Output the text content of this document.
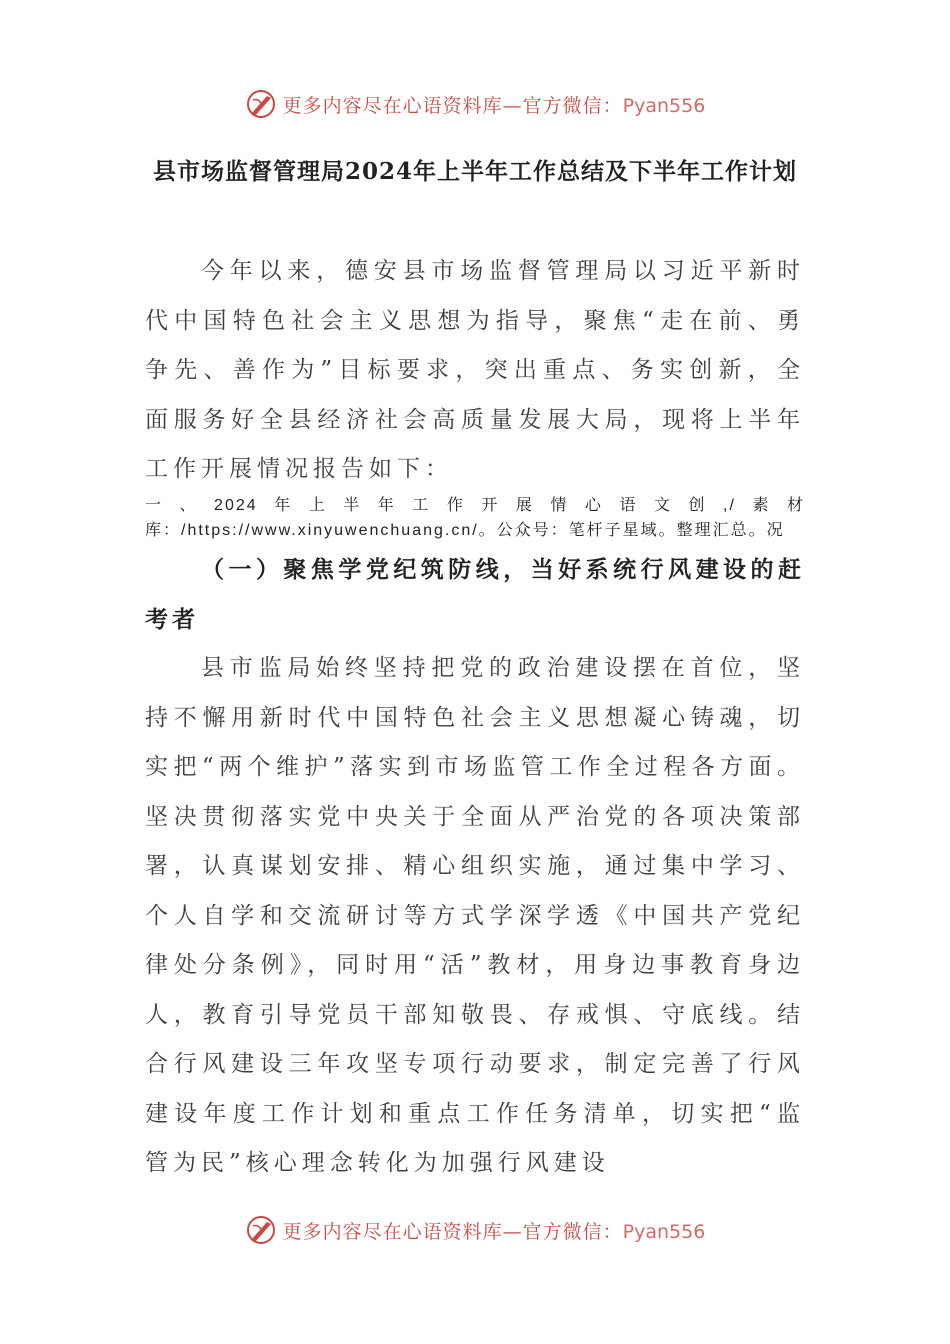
更多内容尽在心语资料库—官方微信：Pyan556
县市场监督管理局2024年上半年工作总结及下半年工作计划

今年以来，德安县市场监督管理局以习近平新时代中国特色社会主义思想为指导，聚焦“走在前、勇争先、善作为”目标要求，突出重点、务实创新，全面服务好全县经济社会高质量发展大局，现将上半年工作开展情况报告如下：

一、2024年上半年工作开展情心语文创,/素材库：/https://www.xinyuwenchuang.cn/。公众号：笔杆子星域。整理汇总。况

（一）聚焦学党纪筑防线，当好系统行风建设的赶考者

县市监局始终坚持把党的政治建设摆在首位，坚持不懈用新时代中国特色社会主义思想凝心铸魂，切实把“两个维护”落实到市场监管工作全过程各方面。坚决贯彻落实党中央关于全面从严治党的各项决策部署，认真谋划安排、精心组织实施，通过集中学习、个人自学和交流研讨等方式学深学透《中国共产党纪律处分条例》，同时用“活”教材，用身边事教育身边人，教育引导党员干部知敬畏、存戒惧、守底线。结合行风建设三年攻坚专项行动要求，制定完善了行风建设年度工作计划和重点工作任务清单，切实把“监管为民”核心理念转化为加强行风建设

更多内容尽在心语资料库—官方微信：Pyan556
